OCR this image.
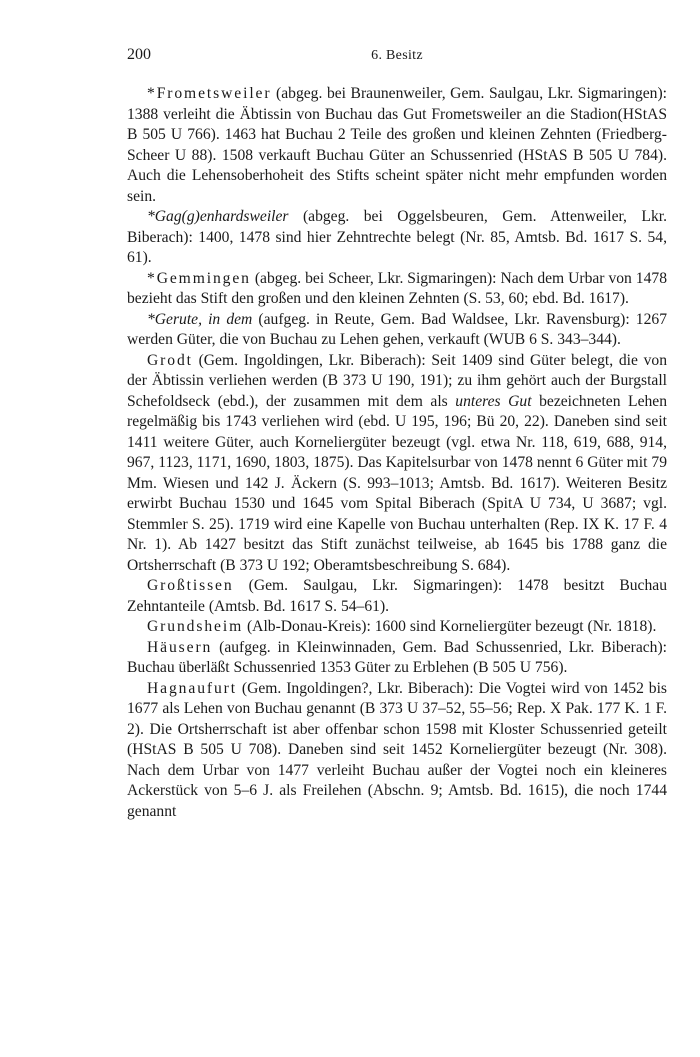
200	6. Besitz

*Frometsweiler (abgeg. bei Braunenweiler, Gem. Saulgau, Lkr. Sigmaringen): 1388 verleiht die Äbtissin von Buchau das Gut Frometsweiler an die Stadion(HStAS B 505 U 766). 1463 hat Buchau 2 Teile des großen und kleinen Zehnten (Friedberg-Scheer U 88). 1508 verkauft Buchau Güter an Schussenried (HStAS B 505 U 784). Auch die Lehensoberhoheit des Stifts scheint später nicht mehr empfunden worden sein.

*Gag(g)enhardsweiler (abgeg. bei Oggelsbeuren, Gem. Attenweiler, Lkr. Biberach): 1400, 1478 sind hier Zehntrechte belegt (Nr. 85, Amtsb. Bd. 1617 S. 54, 61).

*Gemmingen (abgeg. bei Scheer, Lkr. Sigmaringen): Nach dem Urbar von 1478 bezieht das Stift den großen und den kleinen Zehnten (S. 53, 60; ebd. Bd. 1617).

*Gerute, in dem (aufgeg. in Reute, Gem. Bad Waldsee, Lkr. Ravensburg): 1267 werden Güter, die von Buchau zu Lehen gehen, verkauft (WUB 6 S. 343–344).

Grodt (Gem. Ingoldingen, Lkr. Biberach): Seit 1409 sind Güter belegt, die von der Äbtissin verliehen werden (B 373 U 190, 191); zu ihm gehört auch der Burgstall Schefoldseck (ebd.), der zusammen mit dem als unteres Gut bezeichneten Lehen regelmäßig bis 1743 verliehen wird (ebd. U 195, 196; Bü 20, 22). Daneben sind seit 1411 weitere Güter, auch Korneliergüter bezeugt (vgl. etwa Nr. 118, 619, 688, 914, 967, 1123, 1171, 1690, 1803, 1875). Das Kapitelsurbar von 1478 nennt 6 Güter mit 79 Mm. Wiesen und 142 J. Äckern (S. 993–1013; Amtsb. Bd. 1617). Weiteren Besitz erwirbt Buchau 1530 und 1645 vom Spital Biberach (SpitA U 734, U 3687; vgl. Stemmler S. 25). 1719 wird eine Kapelle von Buchau unterhalten (Rep. IX K. 17 F. 4 Nr. 1). Ab 1427 besitzt das Stift zunächst teilweise, ab 1645 bis 1788 ganz die Ortsherrschaft (B 373 U 192; Oberamtsbeschreibung S. 684).

Großtissen (Gem. Saulgau, Lkr. Sigmaringen): 1478 besitzt Buchau Zehntanteile (Amtsb. Bd. 1617 S. 54–61).

Grundsheim (Alb-Donau-Kreis): 1600 sind Korneliergüter bezeugt (Nr. 1818).

Häusern (aufgeg. in Kleinwinnaden, Gem. Bad Schussenried, Lkr. Biberach): Buchau überläßt Schussenried 1353 Güter zu Erblehen (B 505 U 756).

Hagnaufurt (Gem. Ingoldingen?, Lkr. Biberach): Die Vogtei wird von 1452 bis 1677 als Lehen von Buchau genannt (B 373 U 37–52, 55–56; Rep. X Pak. 177 K. 1 F. 2). Die Ortsherrschaft ist aber offenbar schon 1598 mit Kloster Schussenried geteilt (HStAS B 505 U 708). Daneben sind seit 1452 Korneliergüter bezeugt (Nr. 308). Nach dem Urbar von 1477 verleiht Buchau außer der Vogtei noch ein kleineres Ackerstück von 5–6 J. als Freilehen (Abschn. 9; Amtsb. Bd. 1615), die noch 1744 genannt
